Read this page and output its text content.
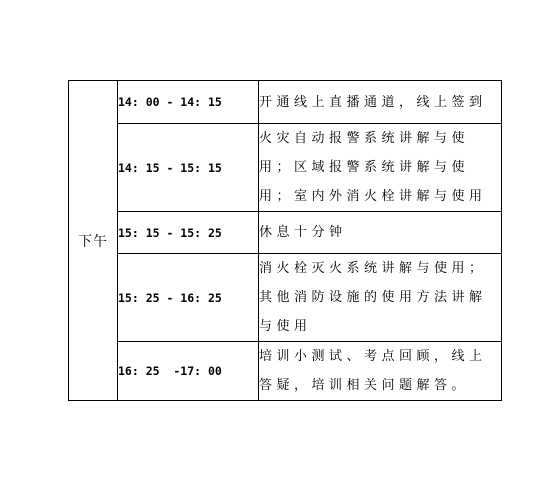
下午	14: 00 - 14: 15	开通线上直播通道，线上签到
	14: 15 - 15: 15	火灾自动报警系统讲解与使用；区域报警系统讲解与使用；室内外消火栓讲解与使用
	15: 15 - 15: 25	休息十分钟
	15: 25 - 16: 25	消火栓灭火系统讲解与使用；其他消防设施的使用方法讲解与使用
	16: 25  -17: 00	培训小测试、考点回顾，线上答疑，培训相关问题解答。
